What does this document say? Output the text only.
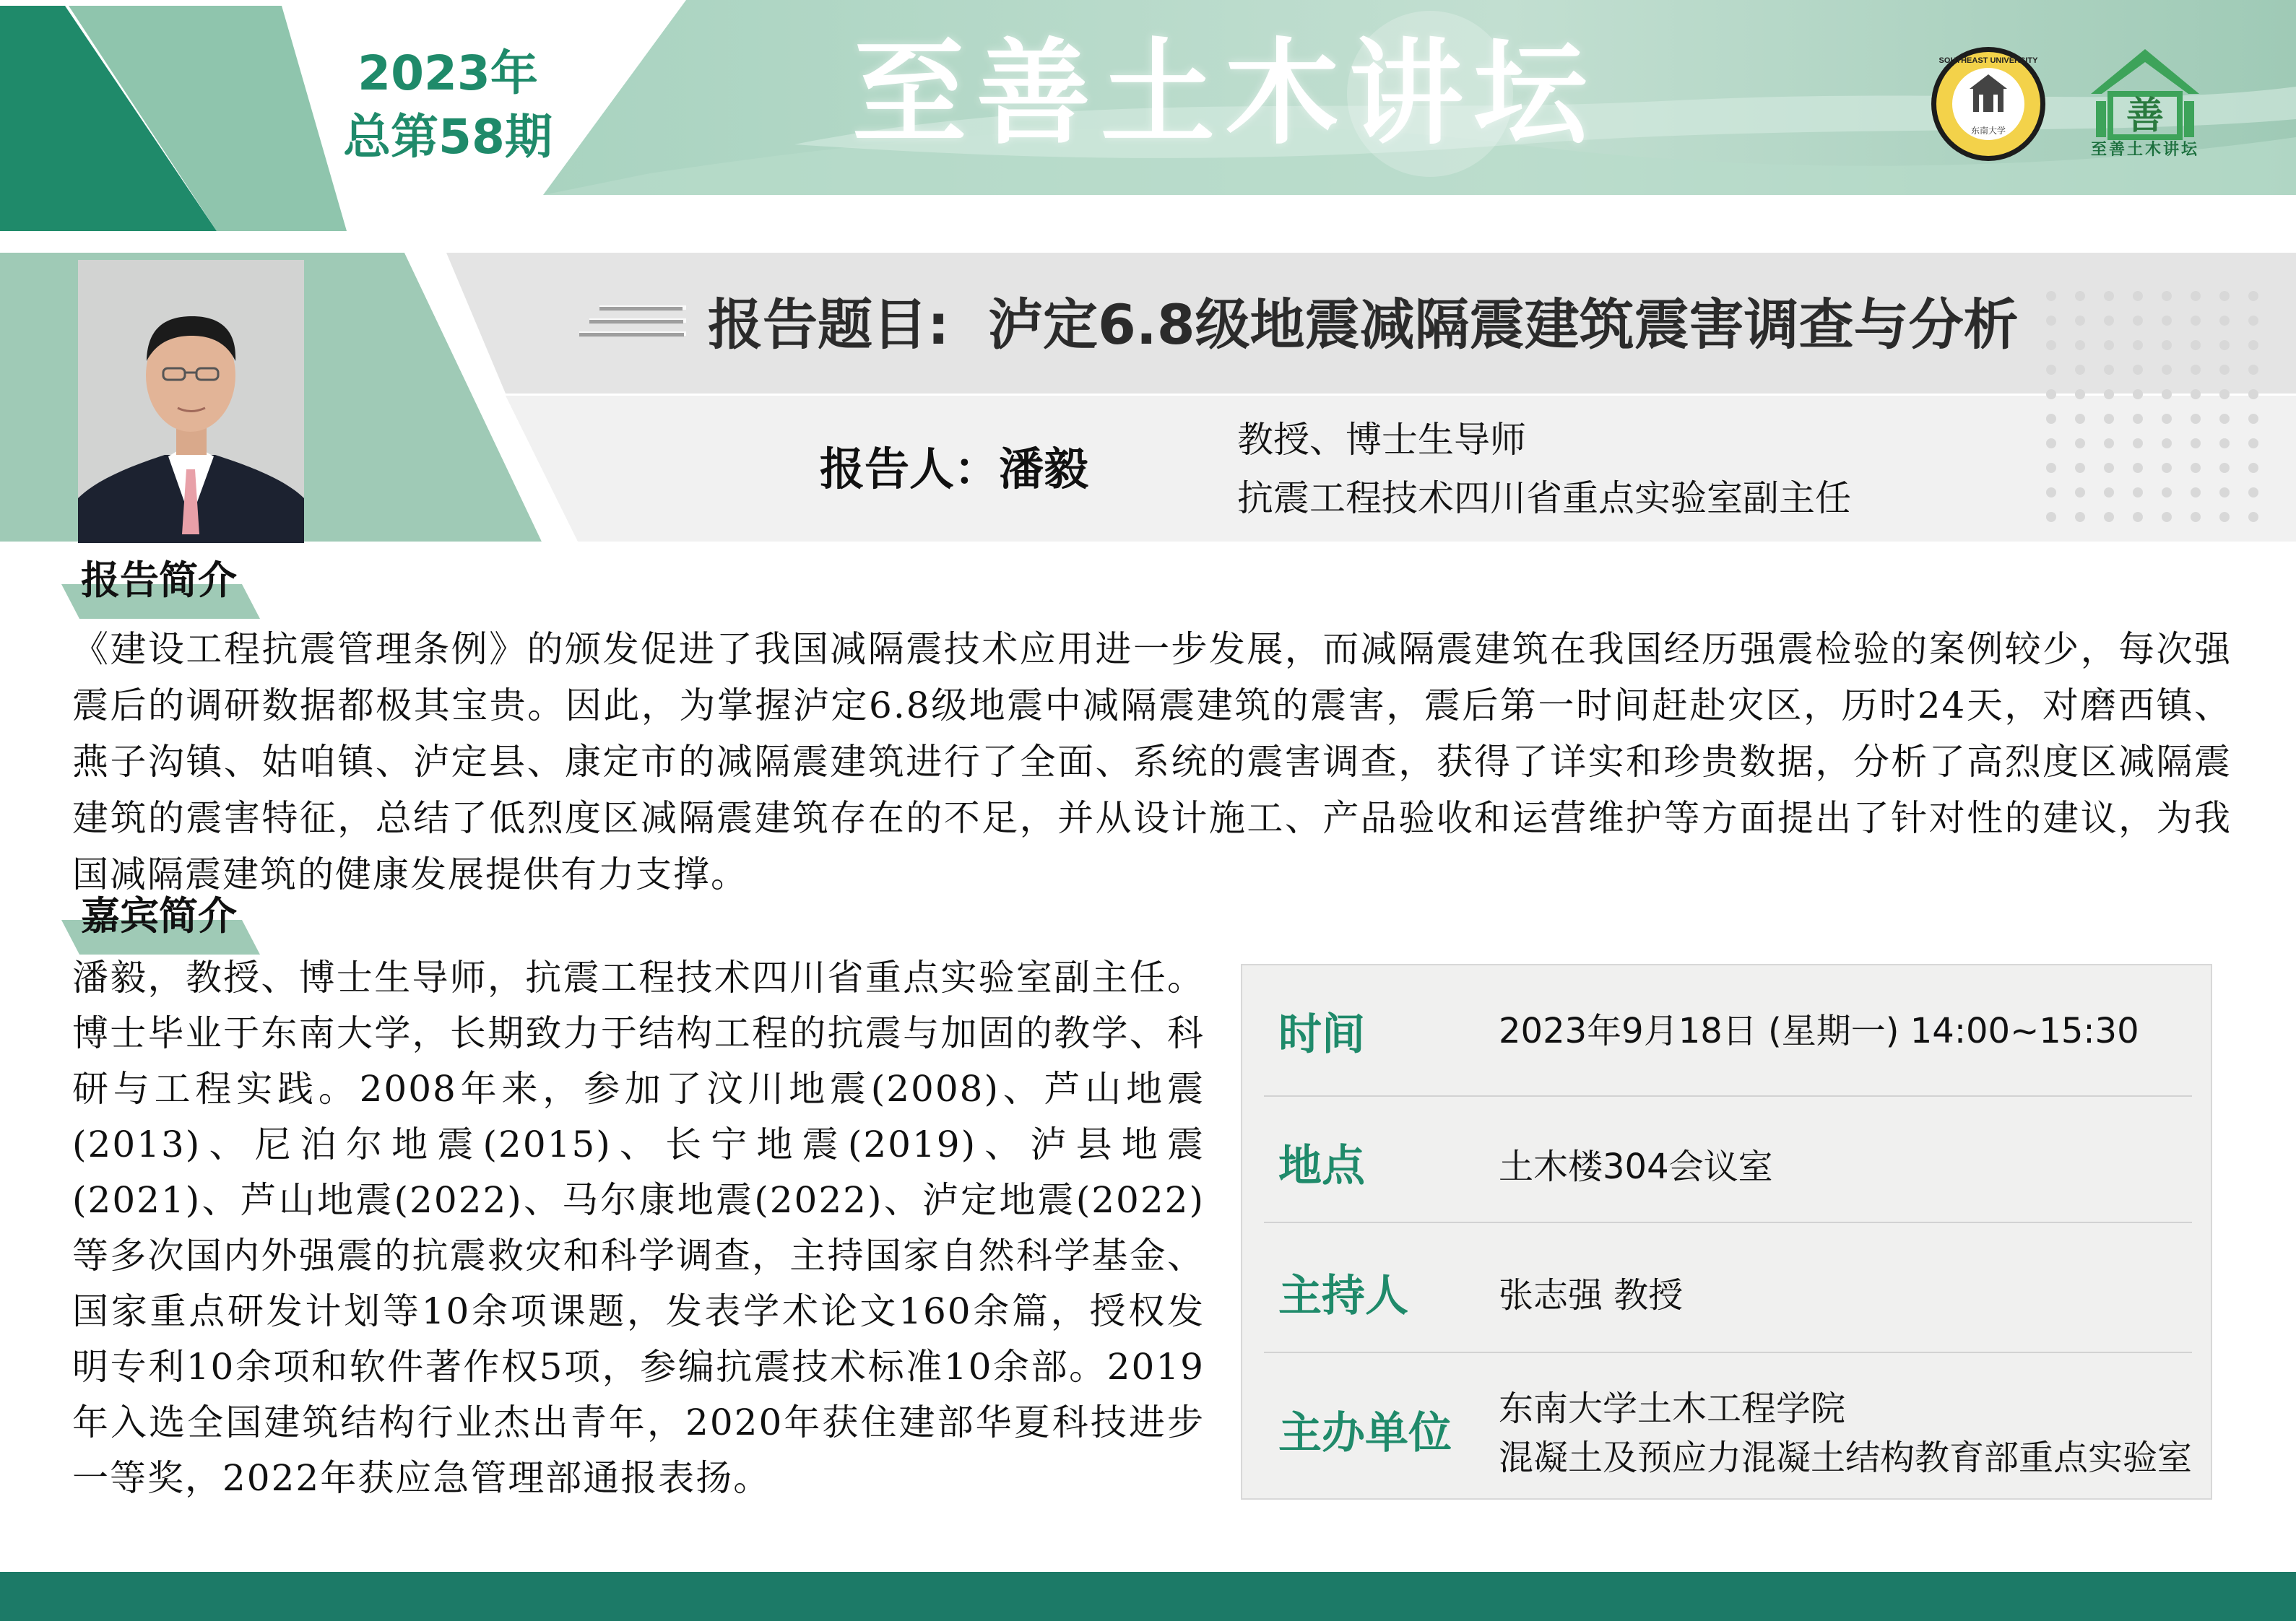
2023年
总第58期	至善土木讲坛	东南大学
SOUTHEAST UNIVERSITY
善
至善土木讲坛
报告题目: 泸定6.8级地震减隔震建筑震害调查与分析
报告人：潘毅
教授、博士生导师
抗震工程技术四川省重点实验室副主任
报告简介
《建设工程抗震管理条例》的颁发促进了我国减隔震技术应用进一步发展，而减隔震建筑在我国经历强震检验的案例较少，每次强震后的调研数据都极其宝贵。因此，为掌握泸定6.8级地震中减隔震建筑的震害，震后第一时间赶赴灾区，历时24天，对磨西镇、燕子沟镇、姑咱镇、泸定县、康定市的减隔震建筑进行了全面、系统的震害调查，获得了详实和珍贵数据，分析了高烈度区减隔震建筑的震害特征，总结了低烈度区减隔震建筑存在的不足，并从设计施工、产品验收和运营维护等方面提出了针对性的建议，为我国减隔震建筑的健康发展提供有力支撑。
嘉宾简介
潘毅，教授、博士生导师，抗震工程技术四川省重点实验室副主任。博士毕业于东南大学，长期致力于结构工程的抗震与加固的教学、科研与工程实践。2008年来，参加了汶川地震(2008)、芦山地震(2013)、尼泊尔地震(2015)、长宁地震(2019)、泸县地震(2021)、芦山地震(2022)、马尔康地震(2022)、泸定地震(2022)等多次国内外强震的抗震救灾和科学调查，主持国家自然科学基金、国家重点研发计划等10余项课题，发表学术论文160余篇，授权发明专利10余项和软件著作权5项，参编抗震技术标准10余部。2019年入选全国建筑结构行业杰出青年，2020年获住建部华夏科技进步一等奖，2022年获应急管理部通报表扬。
时间	2023年9月18日 (星期一) 14:00~15:30
地点	土木楼304会议室
主持人	张志强 教授
主办单位 东南大学土木工程学院
混凝土及预应力混凝土结构教育部重点实验室
